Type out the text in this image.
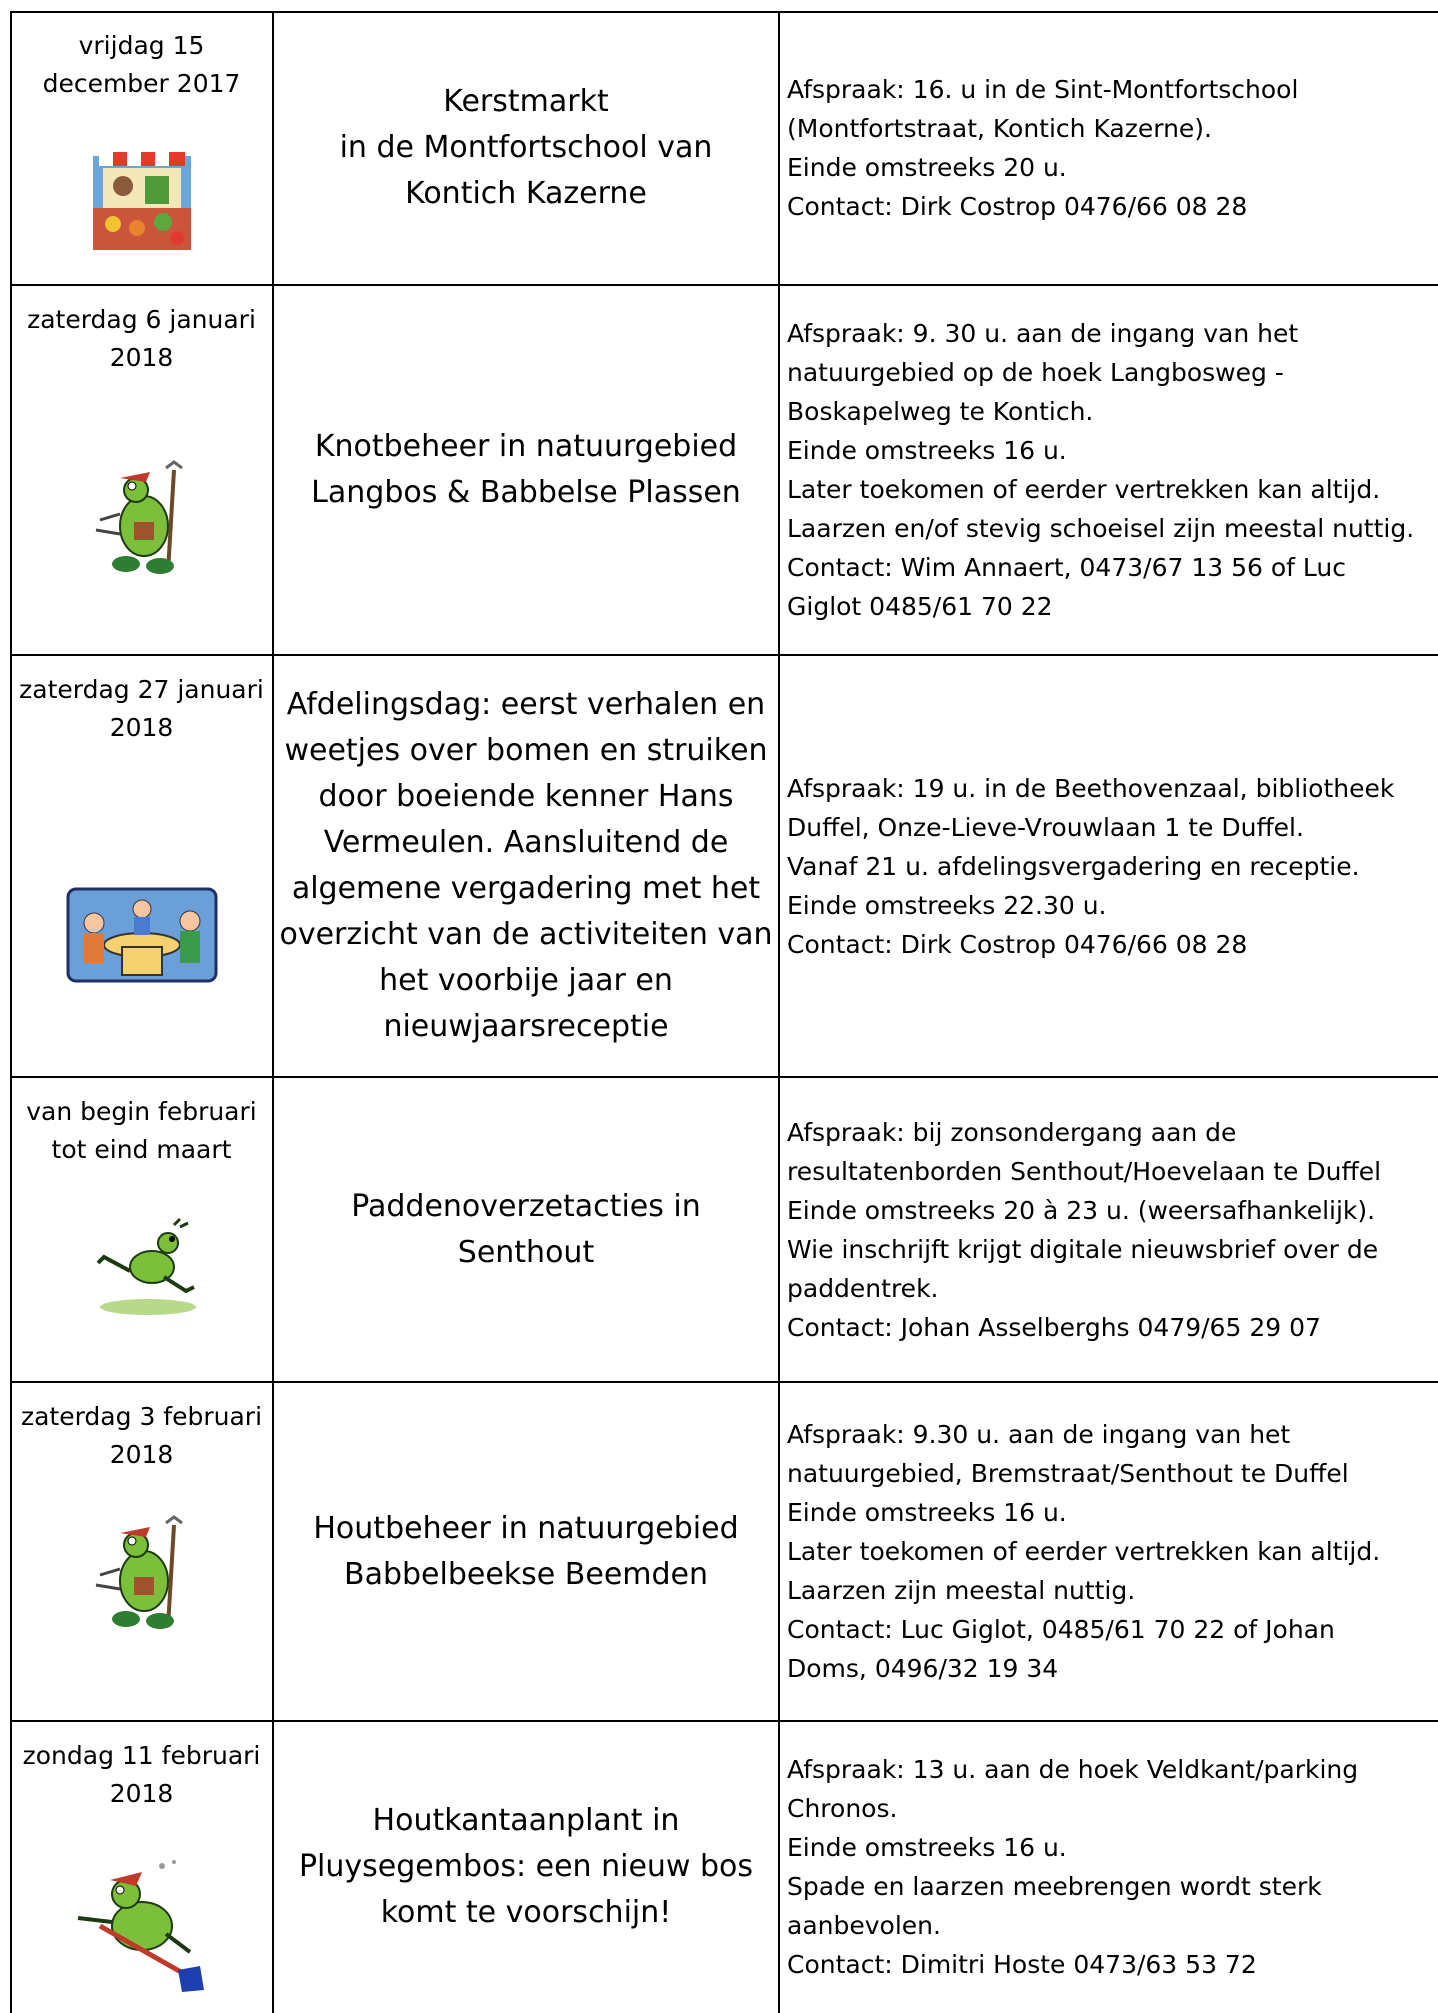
vrijdag 15
december 2017
Kerstmarkt
in de Montfortschool van
Kontich Kazerne
Afspraak: 16. u in de Sint-Montfortschool
(Montfortstraat, Kontich Kazerne).
Einde omstreeks 20 u.
Contact: Dirk Costrop 0476/66 08 28
zaterdag 6 januari
2018
Knotbeheer in natuurgebied
Langbos & Babbelse Plassen
Afspraak: 9. 30 u. aan de ingang van het
natuurgebied op de hoek Langbosweg -
Boskapelweg te Kontich.
Einde omstreeks 16 u.
Later toekomen of eerder vertrekken kan altijd.
Laarzen en/of stevig schoeisel zijn meestal nuttig.
Contact: Wim Annaert, 0473/67 13 56 of Luc
Giglot 0485/61 70 22
zaterdag 27 januari
2018
Afdelingsdag: eerst verhalen en
weetjes over bomen en struiken
door boeiende kenner Hans
Vermeulen. Aansluitend de
algemene vergadering met het
overzicht van de activiteiten van
het voorbije jaar en
nieuwjaarsreceptie
Afspraak: 19 u. in de Beethovenzaal, bibliotheek
Duffel, Onze-Lieve-Vrouwlaan 1 te Duffel.
Vanaf 21 u. afdelingsvergadering en receptie.
Einde omstreeks 22.30 u.
Contact: Dirk Costrop 0476/66 08 28
van begin februari
tot eind maart
Paddenoverzetacties in
Senthout
Afspraak: bij zonsondergang aan de
resultatenborden Senthout/Hoevelaan te Duffel
Einde omstreeks 20 à 23 u. (weersafhankelijk).
Wie inschrijft krijgt digitale nieuwsbrief over de
paddentrek.
Contact: Johan Asselberghs 0479/65 29 07
zaterdag 3 februari
2018
Houtbeheer in natuurgebied
Babbelbeekse Beemden
Afspraak: 9.30 u. aan de ingang van het
natuurgebied, Bremstraat/Senthout te Duffel
Einde omstreeks 16 u.
Later toekomen of eerder vertrekken kan altijd.
Laarzen zijn meestal nuttig.
Contact: Luc Giglot, 0485/61 70 22 of Johan
Doms, 0496/32 19 34
zondag 11 februari
2018
Houtkantaanplant in
Pluysegembos: een nieuw bos
komt te voorschijn!
Afspraak: 13 u. aan de hoek Veldkant/parking
Chronos.
Einde omstreeks 16 u.
Spade en laarzen meebrengen wordt sterk
aanbevolen.
Contact: Dimitri Hoste 0473/63 53 72
